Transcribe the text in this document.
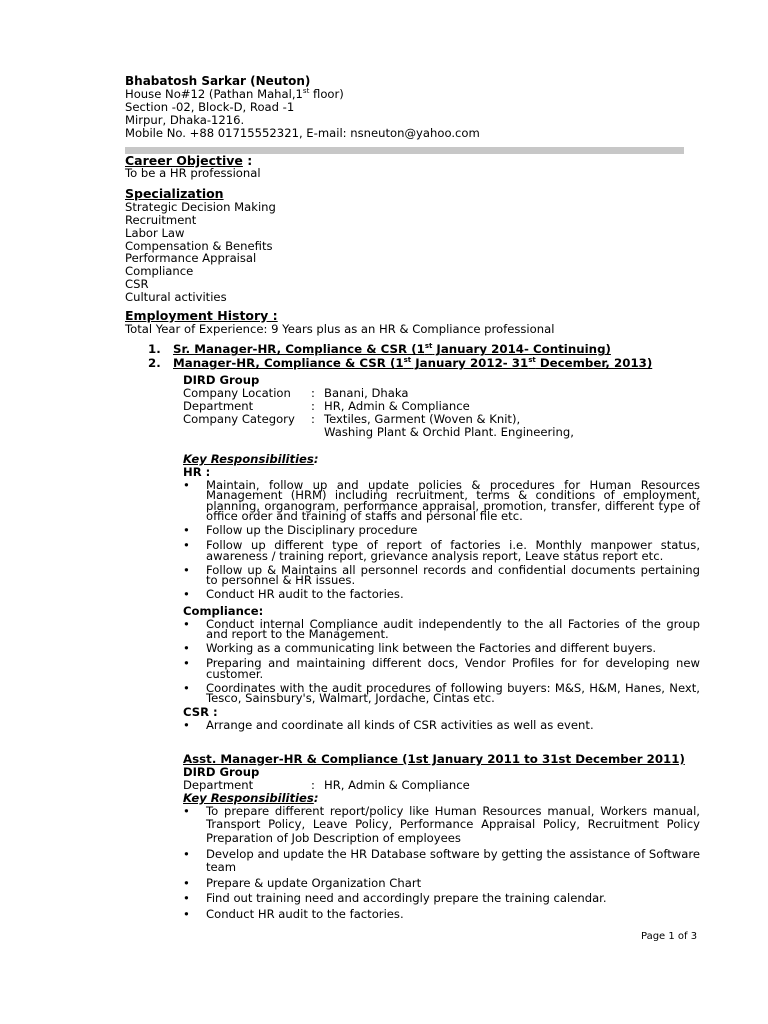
Bhabatosh Sarkar (Neuton)
House No#12 (Pathan Mahal,1st floor)
Section -02, Block-D, Road -1
Mirpur, Dhaka-1216.
Mobile No. +88 01715552321, E-mail: nsneuton@yahoo.com
Career Objective :
To be a HR professional
Specialization
Strategic Decision Making
Recruitment
Labor Law
Compensation & Benefits
Performance Appraisal
Compliance
CSR
Cultural activities
Employment History :
Total Year of Experience: 9 Years plus as an HR & Compliance professional
1.	Sr. Manager-HR, Compliance & CSR (1st January 2014- Continuing)
2.	Manager-HR, Compliance & CSR (1st January 2012- 31st December, 2013)
DIRD Group
Company Location	: Banani, Dhaka
Department	: HR, Admin & Compliance
Company Category	: Textiles, Garment (Woven & Knit),
Washing Plant & Orchid Plant. Engineering,
Key Responsibilities:
HR :
•	Maintain, follow up and update policies & procedures for Human Resources Management (HRM) including recruitment, terms & conditions of employment, planning, organogram, performance appraisal, promotion, transfer, different type of office order and training of staffs and personal file etc.
•	Follow up the Disciplinary procedure
•	Follow up different type of report of factories i.e. Monthly manpower status, awareness / training report, grievance analysis report, Leave status report etc.
•	Follow up & Maintains all personnel records and confidential documents pertaining to personnel & HR issues.
•	Conduct HR audit to the factories.
Compliance:
•	Conduct internal Compliance audit independently to the all Factories of the group and report to the Management.
•	Working as a communicating link between the Factories and different buyers.
•	Preparing and maintaining different docs, Vendor Profiles for for developing new customer.
•	Coordinates with the audit procedures of following buyers: M&S, H&M, Hanes, Next, Tesco, Sainsbury's, Walmart, Jordache, Cintas etc.
CSR :
•	Arrange and coordinate all kinds of CSR activities as well as event.
Asst. Manager-HR & Compliance (1st January 2011 to 31st December 2011)
DIRD Group
Department	: HR, Admin & Compliance
Key Responsibilities:
•	To prepare different report/policy like Human Resources manual, Workers manual, Transport Policy, Leave Policy, Performance Appraisal Policy, Recruitment Policy Preparation of Job Description of employees
•	Develop and update the HR Database software by getting the assistance of Software team
•	Prepare & update Organization Chart
•	Find out training need and accordingly prepare the training calendar.
•	Conduct HR audit to the factories.
Page 1 of 3
